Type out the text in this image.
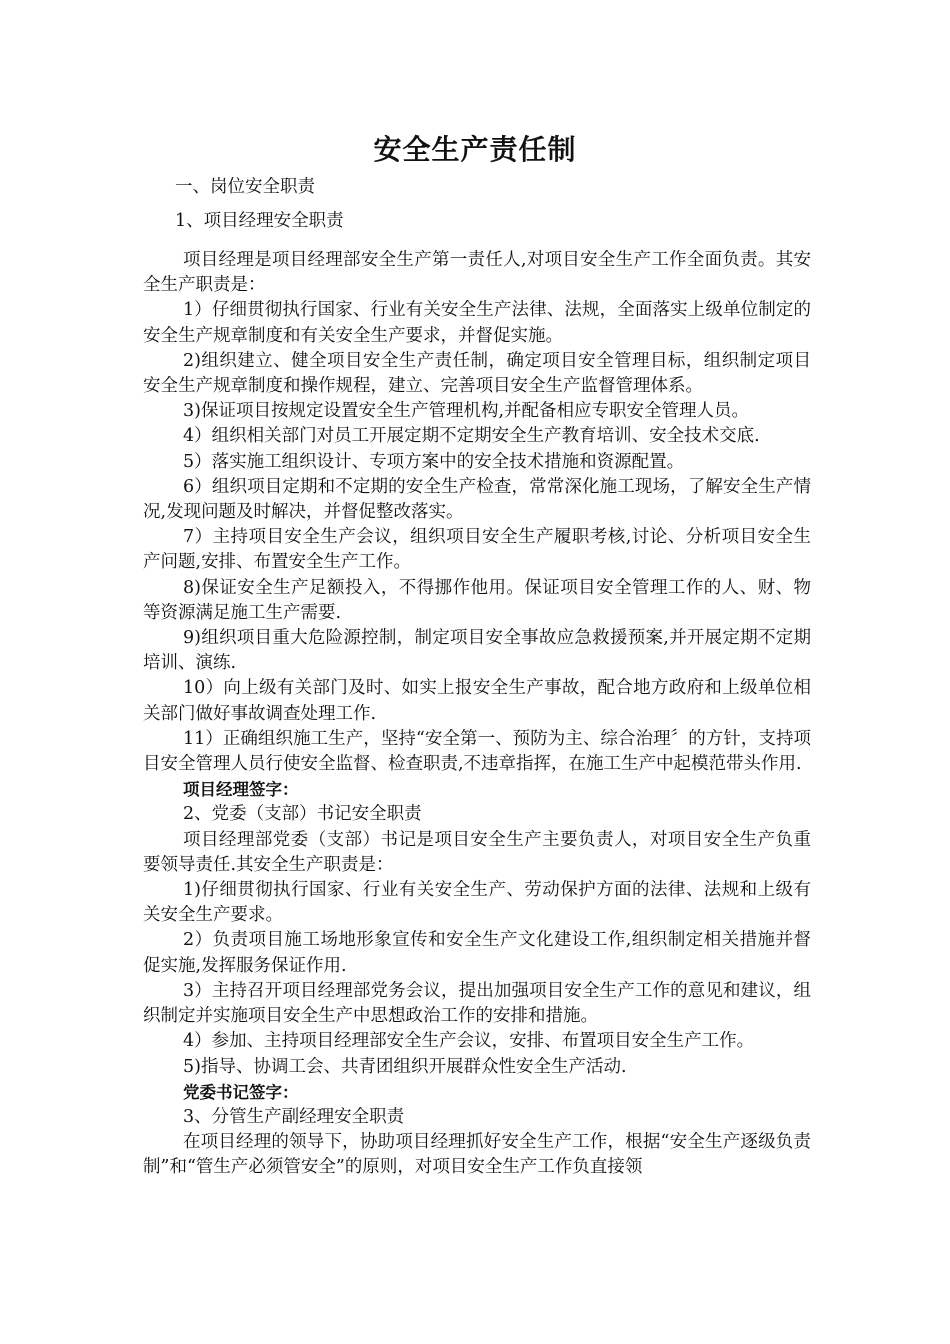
安全生产责任制
一、岗位安全职责
1、项目经理安全职责

项目经理是项目经理部安全生产第一责任人,对项目安全生产工作全面负责。其安全生产职责是：

1）仔细贯彻执行国家、行业有关安全生产法律、法规，全面落实上级单位制定的安全生产规章制度和有关安全生产要求，并督促实施。

2)组织建立、健全项目安全生产责任制，确定项目安全管理目标，组织制定项目安全生产规章制度和操作规程，建立、完善项目安全生产监督管理体系。

3)保证项目按规定设置安全生产管理机构,并配备相应专职安全管理人员。

4）组织相关部门对员工开展定期不定期安全生产教育培训、安全技术交底.

5）落实施工组织设计、专项方案中的安全技术措施和资源配置。

6）组织项目定期和不定期的安全生产检查，常常深化施工现场，了解安全生产情况,发现问题及时解决，并督促整改落实。

7）主持项目安全生产会议，组织项目安全生产履职考核,讨论、分析项目安全生产问题,安排、布置安全生产工作。

8)保证安全生产足额投入，不得挪作他用。保证项目安全管理工作的人、财、物等资源满足施工生产需要.

9)组织项目重大危险源控制，制定项目安全事故应急救援预案,并开展定期不定期培训、演练.

10）向上级有关部门及时、如实上报安全生产事故，配合地方政府和上级单位相关部门做好事故调查处理工作.

11）正确组织施工生产，坚持“安全第一、预防为主、综合治理〞的方针，支持项目安全管理人员行使安全监督、检查职责,不违章指挥，在施工生产中起模范带头作用.

项目经理签字：
2、党委（支部）书记安全职责

项目经理部党委（支部）书记是项目安全生产主要负责人，对项目安全生产负重要领导责任.其安全生产职责是：

1)仔细贯彻执行国家、行业有关安全生产、劳动保护方面的法律、法规和上级有关安全生产要求。

2）负责项目施工场地形象宣传和安全生产文化建设工作,组织制定相关措施并督促实施,发挥服务保证作用.

3）主持召开项目经理部党务会议，提出加强项目安全生产工作的意见和建议，组织制定并实施项目安全生产中思想政治工作的安排和措施。

4）参加、主持项目经理部安全生产会议，安排、布置项目安全生产工作。

5)指导、协调工会、共青团组织开展群众性安全生产活动.

党委书记签字：
3、分管生产副经理安全职责

在项目经理的领导下，协助项目经理抓好安全生产工作，根据“安全生产逐级负责制”和“管生产必须管安全”的原则，对项目安全生产工作负直接领
